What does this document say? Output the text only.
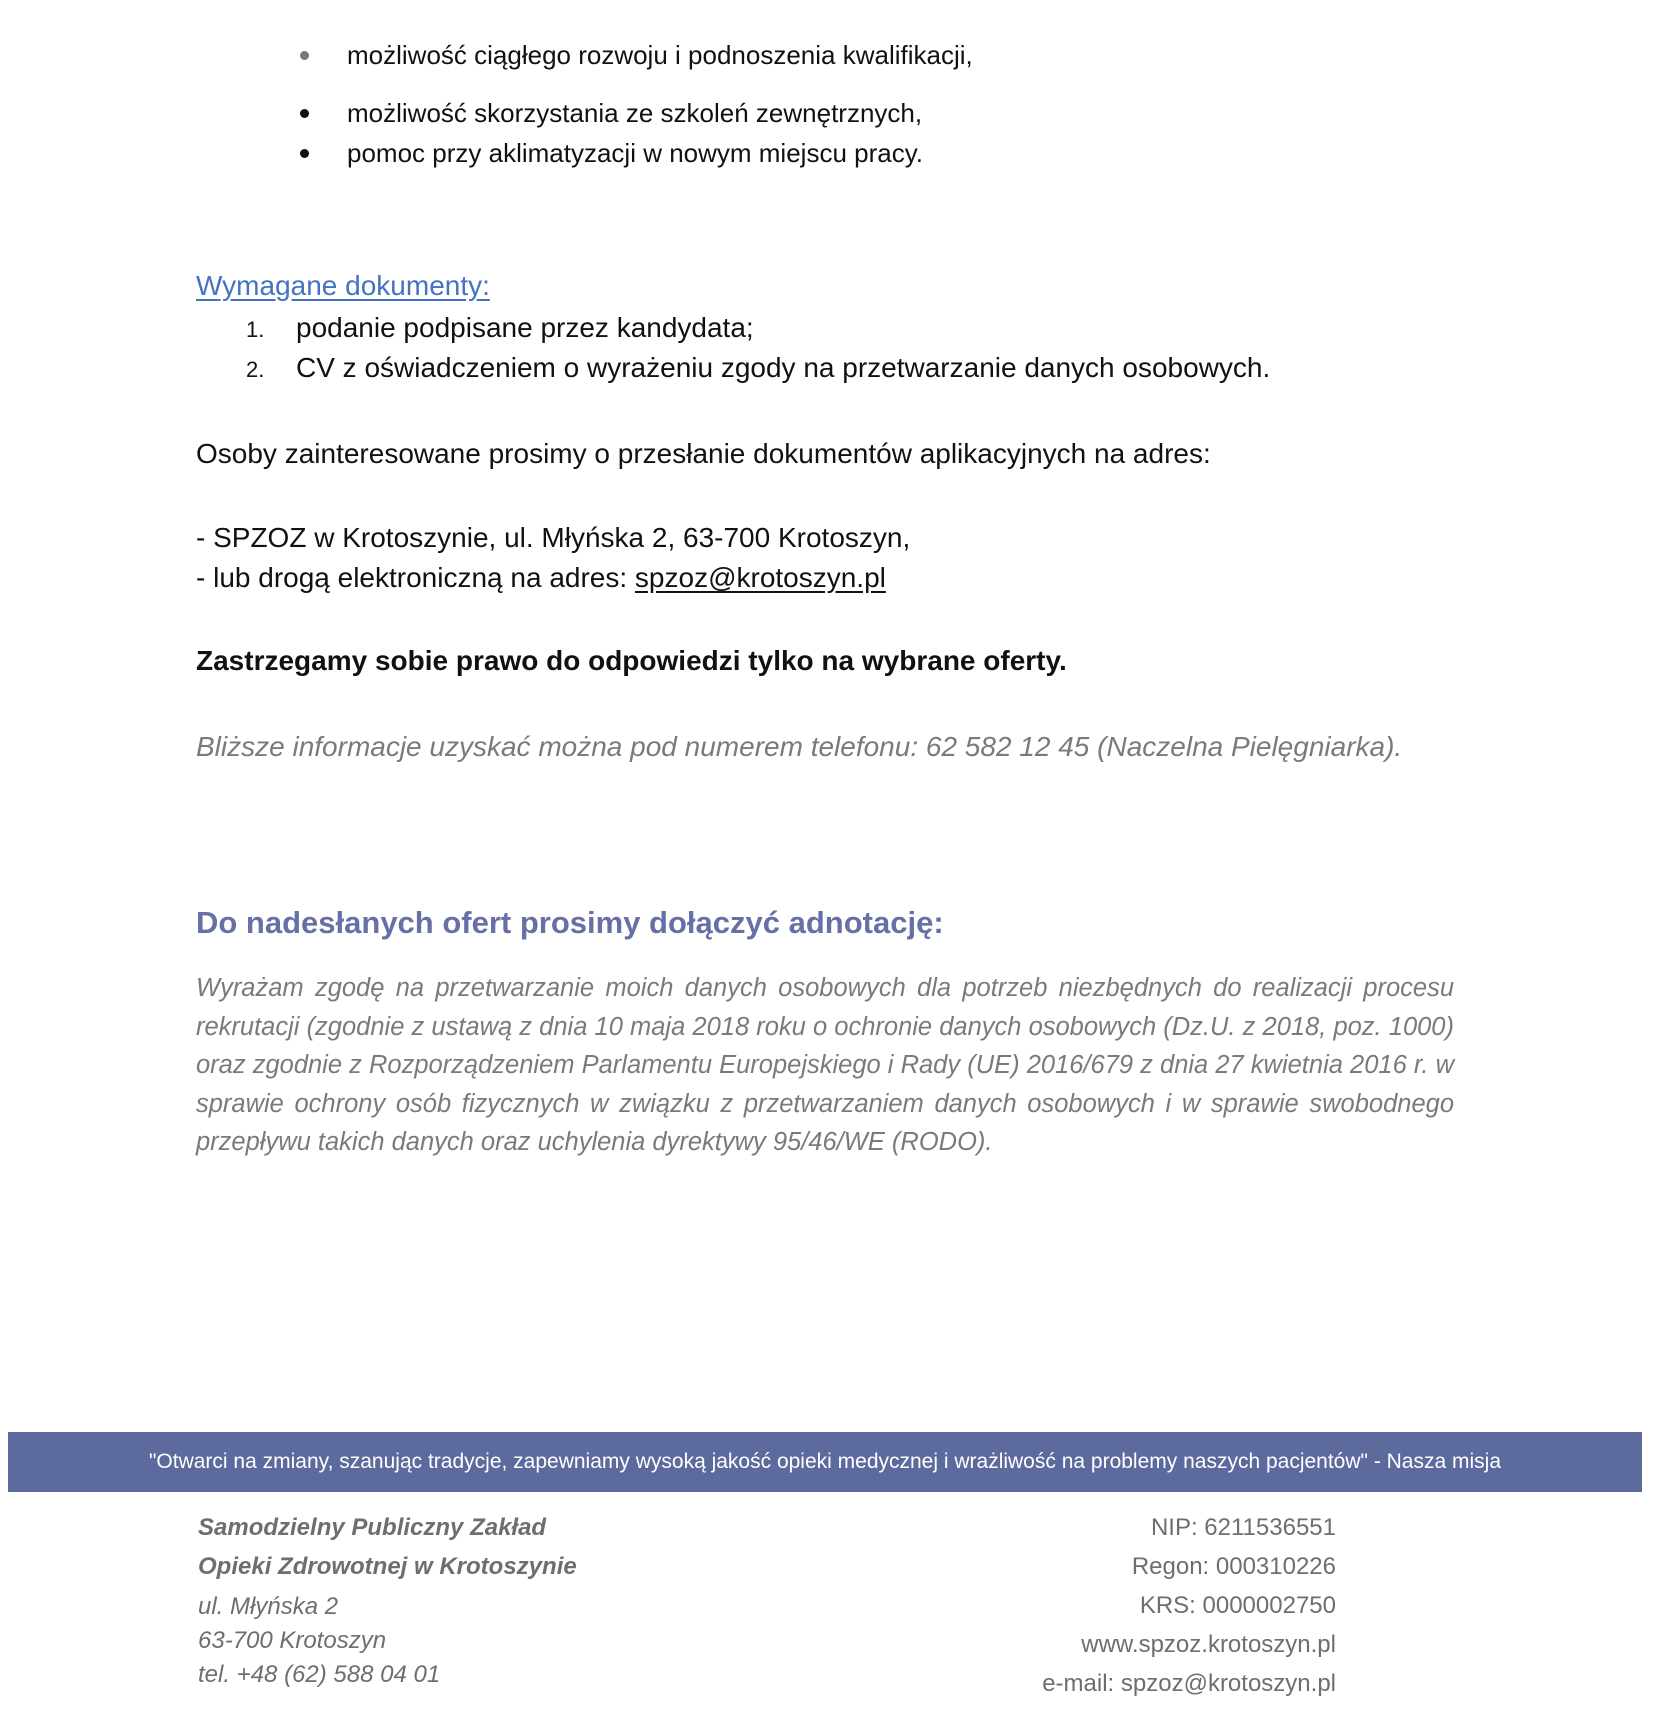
możliwość ciągłego rozwoju i podnoszenia kwalifikacji,
możliwość skorzystania ze szkoleń zewnętrznych,
pomoc przy aklimatyzacji w nowym miejscu pracy.
Wymagane dokumenty:
1.	podanie podpisane przez kandydata;
2.	CV z oświadczeniem o wyrażeniu zgody na przetwarzanie danych osobowych.
Osoby zainteresowane prosimy o przesłanie dokumentów aplikacyjnych na adres:
- SPZOZ w Krotoszynie, ul. Młyńska 2, 63-700 Krotoszyn,
- lub drogą elektroniczną na adres: spzoz@krotoszyn.pl
Zastrzegamy sobie prawo do odpowiedzi tylko na wybrane oferty.
Bliższe informacje uzyskać można pod numerem telefonu: 62 582 12 45 (Naczelna Pielęgniarka).
Do nadesłanych ofert prosimy dołączyć adnotację:
Wyrażam zgodę na przetwarzanie moich danych osobowych dla potrzeb niezbędnych do realizacji procesu rekrutacji (zgodnie z ustawą z dnia 10 maja 2018 roku o ochronie danych osobowych (Dz.U. z 2018, poz. 1000) oraz zgodnie z Rozporządzeniem Parlamentu Europejskiego i Rady (UE) 2016/679 z dnia 27 kwietnia 2016 r. w sprawie ochrony osób fizycznych w związku z przetwarzaniem danych osobowych i w sprawie swobodnego przepływu takich danych oraz uchylenia dyrektywy 95/46/WE (RODO).
"Otwarci na zmiany, szanując tradycje, zapewniamy wysoką jakość opieki medycznej i wrażliwość na problemy naszych pacjentów" - Nasza misja
Samodzielny Publiczny Zakład
Opieki Zdrowotnej w Krotoszynie
ul. Młyńska 2
63-700 Krotoszyn
tel. +48 (62) 588 04 01
NIP: 6211536551
Regon: 000310226
KRS: 0000002750
www.spzoz.krotoszyn.pl
e-mail: spzoz@krotoszyn.pl
